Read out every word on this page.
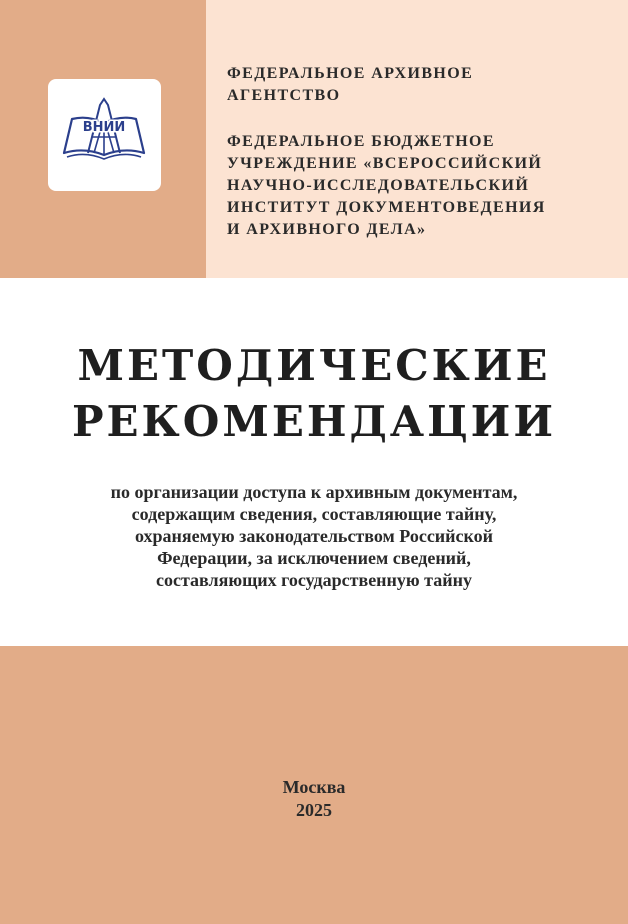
ВНИИ

ФЕДЕРАЛЬНОЕ АРХИВНОЕ

АГЕНТСТВО

ФЕДЕРАЛЬНОЕ БЮДЖЕТНОЕ

УЧРЕЖДЕНИЕ «ВСЕРОССИЙСКИЙ

НАУЧНО-ИССЛЕДОВАТЕЛЬСКИЙ

ИНСТИТУТ ДОКУМЕНТОВЕДЕНИЯ

И АРХИВНОГО ДЕЛА»

МЕТОДИЧЕСКИЕ

РЕКОМЕНДАЦИИ

по организации доступа к архивным документам,

содержащим сведения, составляющие тайну,

охраняемую законодательством Российской

Федерации, за исключением сведений,

составляющих государственную тайну

Москва

2025
